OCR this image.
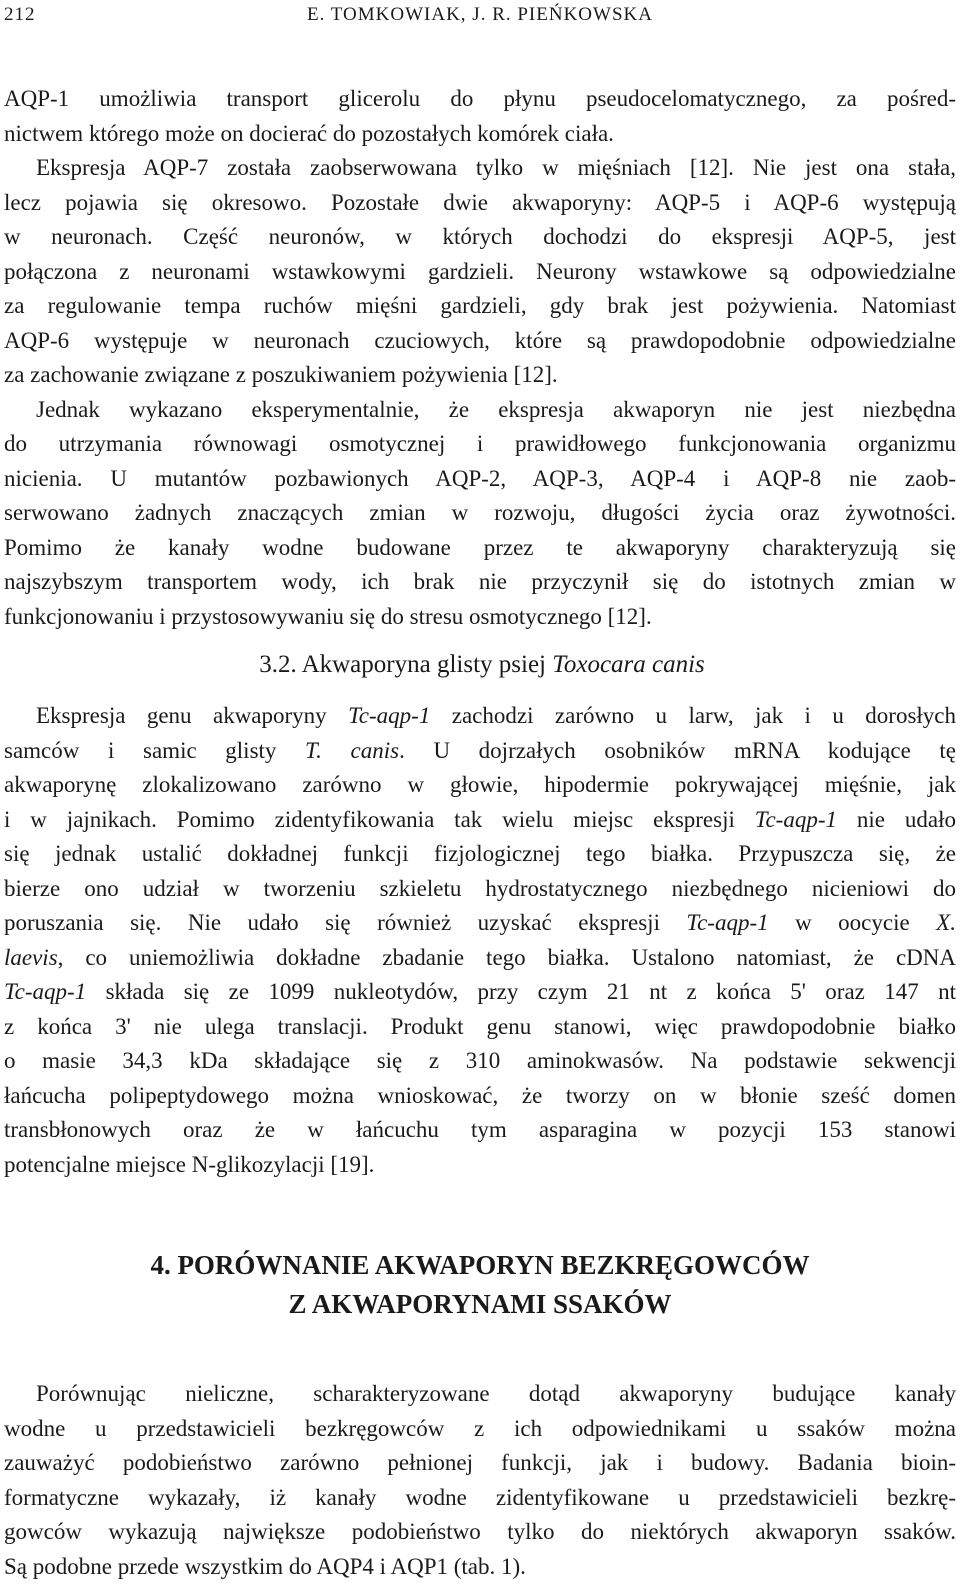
212	E. TOMKOWIAK, J. R. PIEŃKOWSKA
AQP-1 umożliwia transport glicerolu do płynu pseudocelomatycznego, za pośred-
nictwem którego może on docierać do pozostałych komórek ciała.
Ekspresja AQP-7 została zaobserwowana tylko w mięśniach [12]. Nie jest ona stała,
lecz pojawia się okresowo. Pozostałe dwie akwaporyny: AQP-5 i AQP-6 występują
w neuronach. Część neuronów, w których dochodzi do ekspresji AQP-5, jest
połączona z neuronami wstawkowymi gardzieli. Neurony wstawkowe są odpowiedzialne
za regulowanie tempa ruchów mięśni gardzieli, gdy brak jest pożywienia. Natomiast
AQP-6 występuje w neuronach czuciowych, które są prawdopodobnie odpowiedzialne
za zachowanie związane z poszukiwaniem pożywienia [12].
Jednak wykazano eksperymentalnie, że ekspresja akwaporyn nie jest niezbędna
do utrzymania równowagi osmotycznej i prawidłowego funkcjonowania organizmu
nicienia. U mutantów pozbawionych AQP-2, AQP-3, AQP-4 i AQP-8 nie zaob-
serwowano żadnych znaczących zmian w rozwoju, długości życia oraz żywotności.
Pomimo że kanały wodne budowane przez te akwaporyny charakteryzują się
najszybszym transportem wody, ich brak nie przyczynił się do istotnych zmian w
funkcjonowaniu i przystosowywaniu się do stresu osmotycznego [12].
3.2. Akwaporyna glisty psiej Toxocara canis
Ekspresja genu akwaporyny Tc-aqp-1 zachodzi zarówno u larw, jak i u dorosłych
samców i samic glisty T. canis. U dojrzałych osobników mRNA kodujące tę
akwaporynę zlokalizowano zarówno w głowie, hipodermie pokrywającej mięśnie, jak
i w jajnikach. Pomimo zidentyfikowania tak wielu miejsc ekspresji Tc-aqp-1 nie udało
się jednak ustalić dokładnej funkcji fizjologicznej tego białka. Przypuszcza się, że
bierze ono udział w tworzeniu szkieletu hydrostatycznego niezbędnego nicieniowi do
poruszania się. Nie udało się również uzyskać ekspresji Tc-aqp-1 w oocycie X.
laevis, co uniemożliwia dokładne zbadanie tego białka. Ustalono natomiast, że cDNA
Tc-aqp-1 składa się ze 1099 nukleotydów, przy czym 21 nt z końca 5' oraz 147 nt
z końca 3' nie ulega translacji. Produkt genu stanowi, więc prawdopodobnie białko
o masie 34,3 kDa składające się z 310 aminokwasów. Na podstawie sekwencji
łańcucha polipeptydowego można wnioskować, że tworzy on w błonie sześć domen
transbłonowych oraz że w łańcuchu tym asparagina w pozycji 153 stanowi
potencjalne miejsce N-glikozylacji [19].
4. PORÓWNANIE AKWAPORYN BEZKRĘGOWCÓW
Z AKWAPORYNAMI SSAKÓW
Porównując nieliczne, scharakteryzowane dotąd akwaporyny budujące kanały
wodne u przedstawicieli bezkręgowców z ich odpowiednikami u ssaków można
zauważyć podobieństwo zarówno pełnionej funkcji, jak i budowy. Badania bioin-
formatyczne wykazały, iż kanały wodne zidentyfikowane u przedstawicieli bezkrę-
gowców wykazują największe podobieństwo tylko do niektórych akwaporyn ssaków.
Są podobne przede wszystkim do AQP4 i AQP1 (tab. 1).
